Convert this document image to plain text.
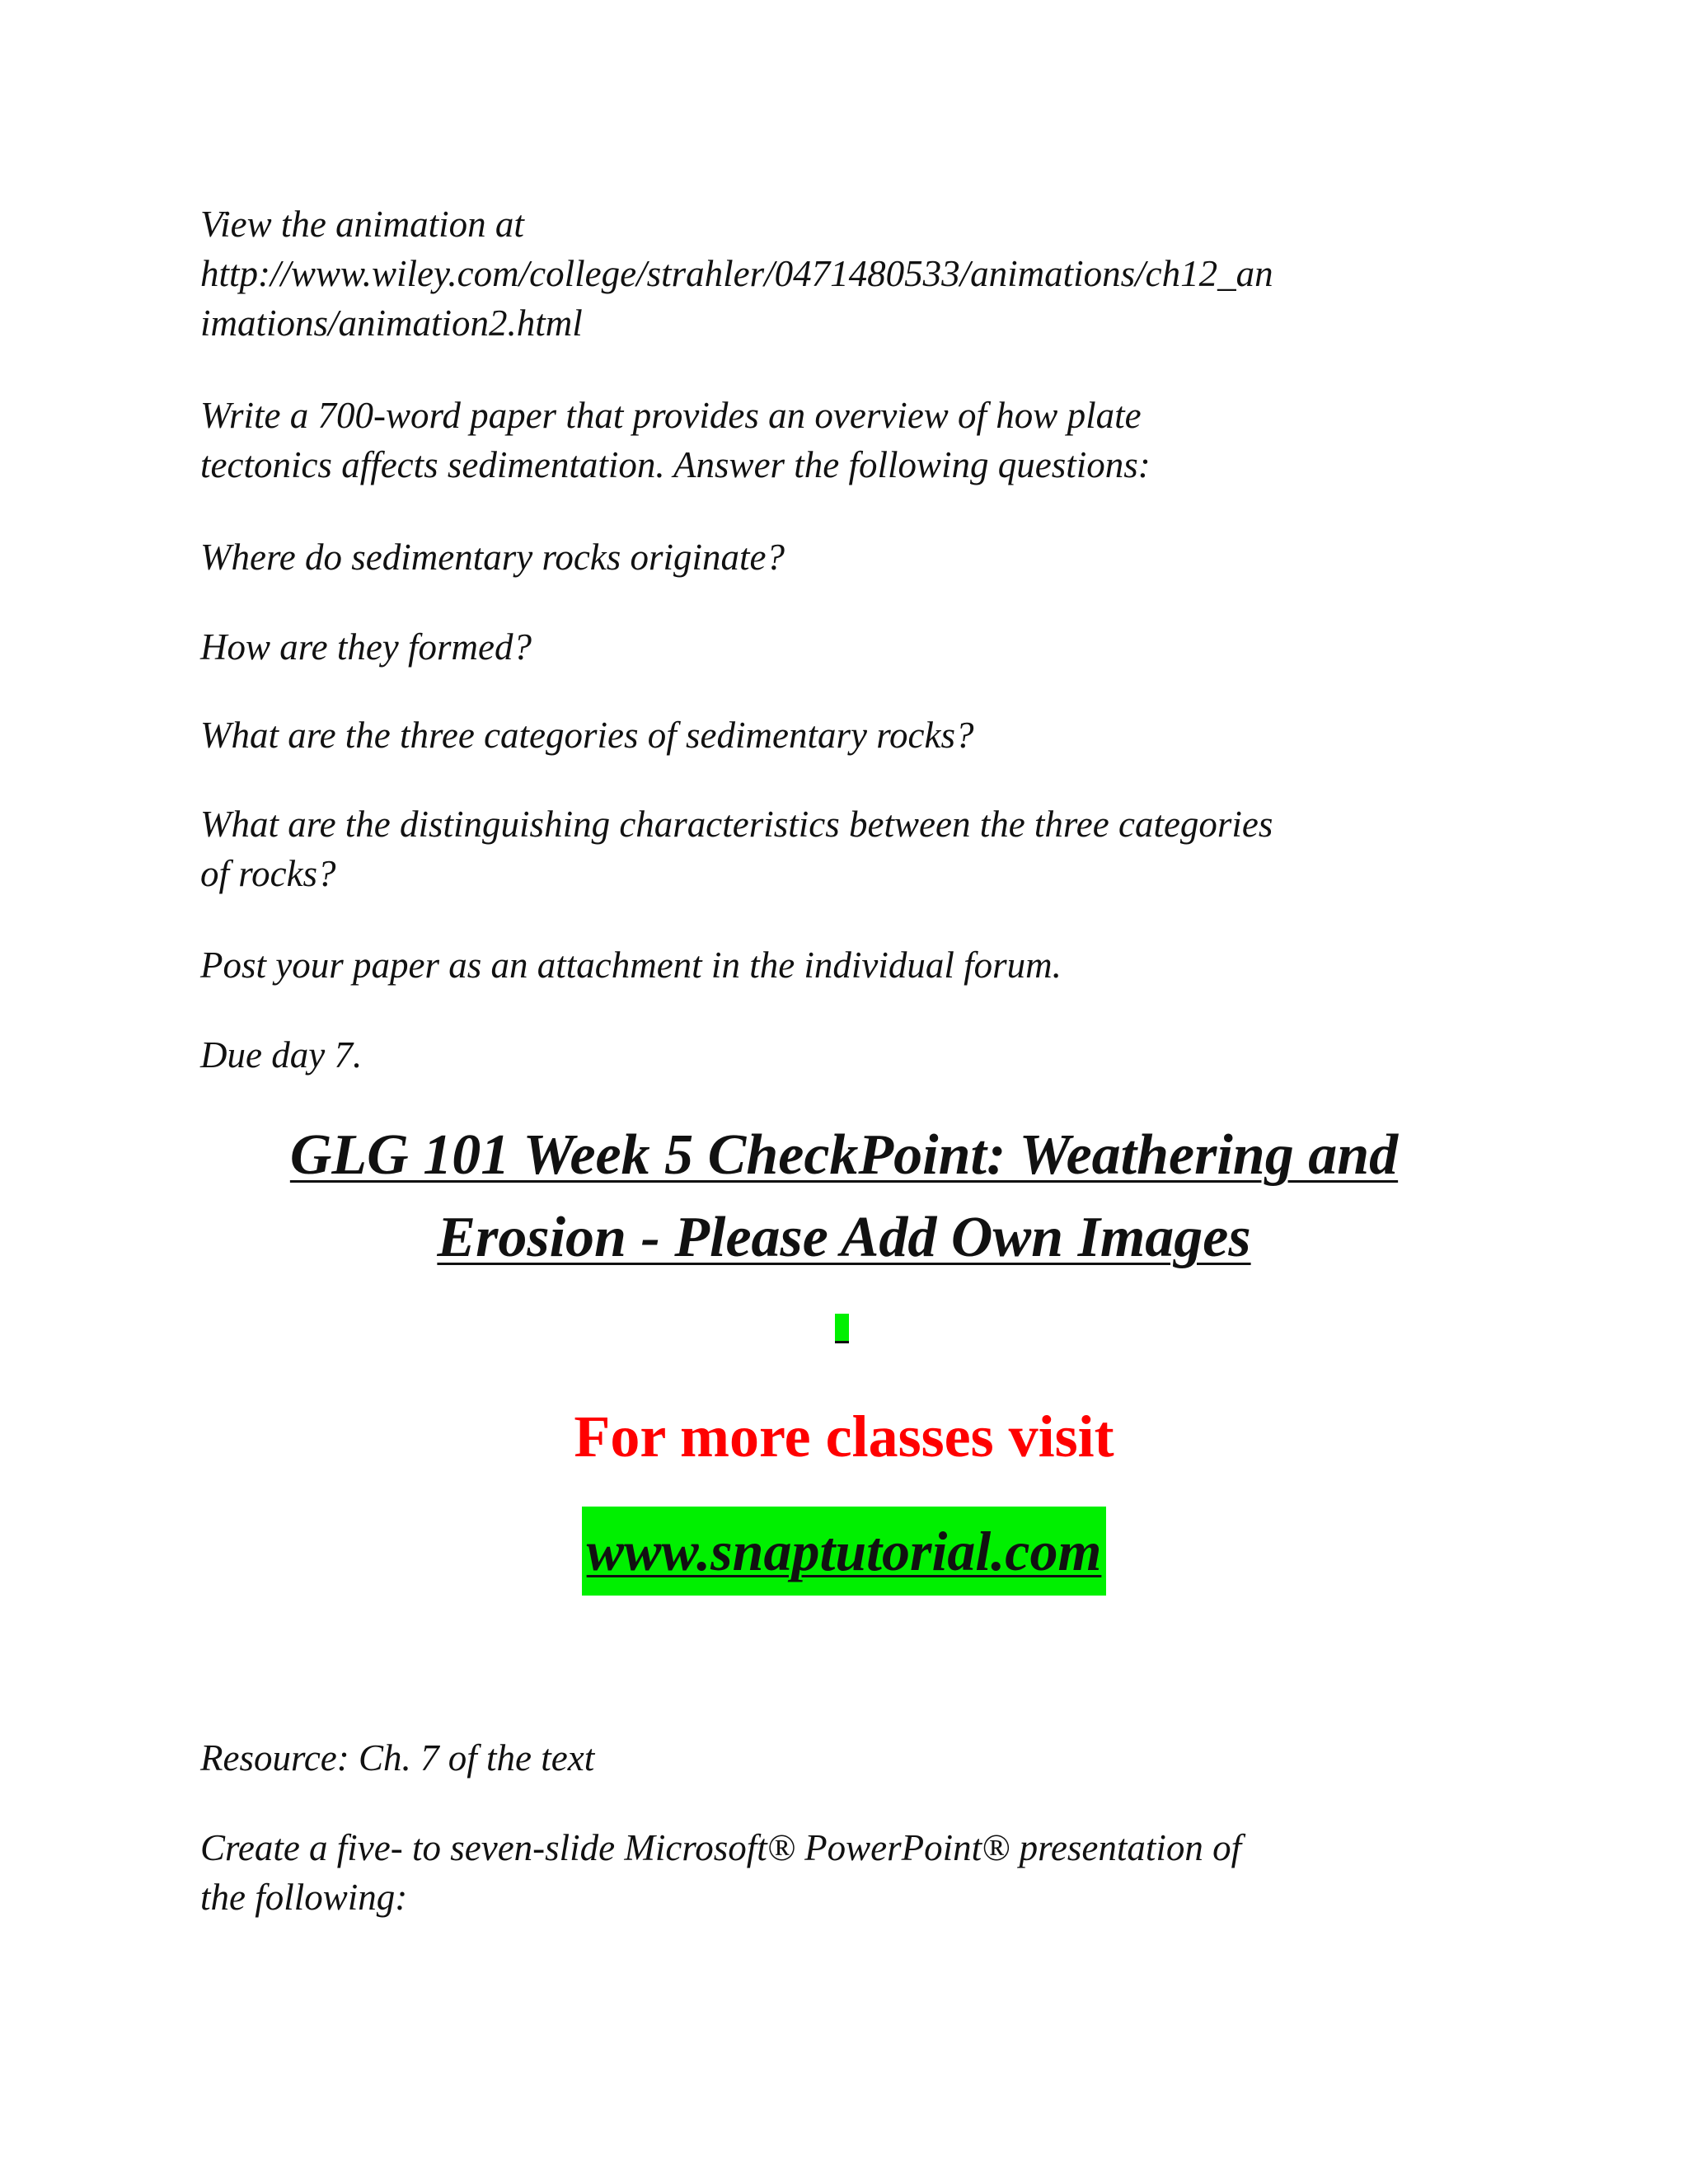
View the animation at
http://www.wiley.com/college/strahler/0471480533/animations/ch12_an
imations/animation2.html

Write a 700-word paper that provides an overview of how plate
tectonics affects sedimentation. Answer the following questions:

Where do sedimentary rocks originate?

How are they formed?

What are the three categories of sedimentary rocks?

What are the distinguishing characteristics between the three categories
of rocks?

Post your paper as an attachment in the individual forum.

Due day 7.

GLG 101 Week 5 CheckPoint: Weathering and
Erosion - Please Add Own Images

For more classes visit

www.snaptutorial.com

Resource: Ch. 7 of the text

Create a five- to seven-slide Microsoft® PowerPoint® presentation of
the following:
